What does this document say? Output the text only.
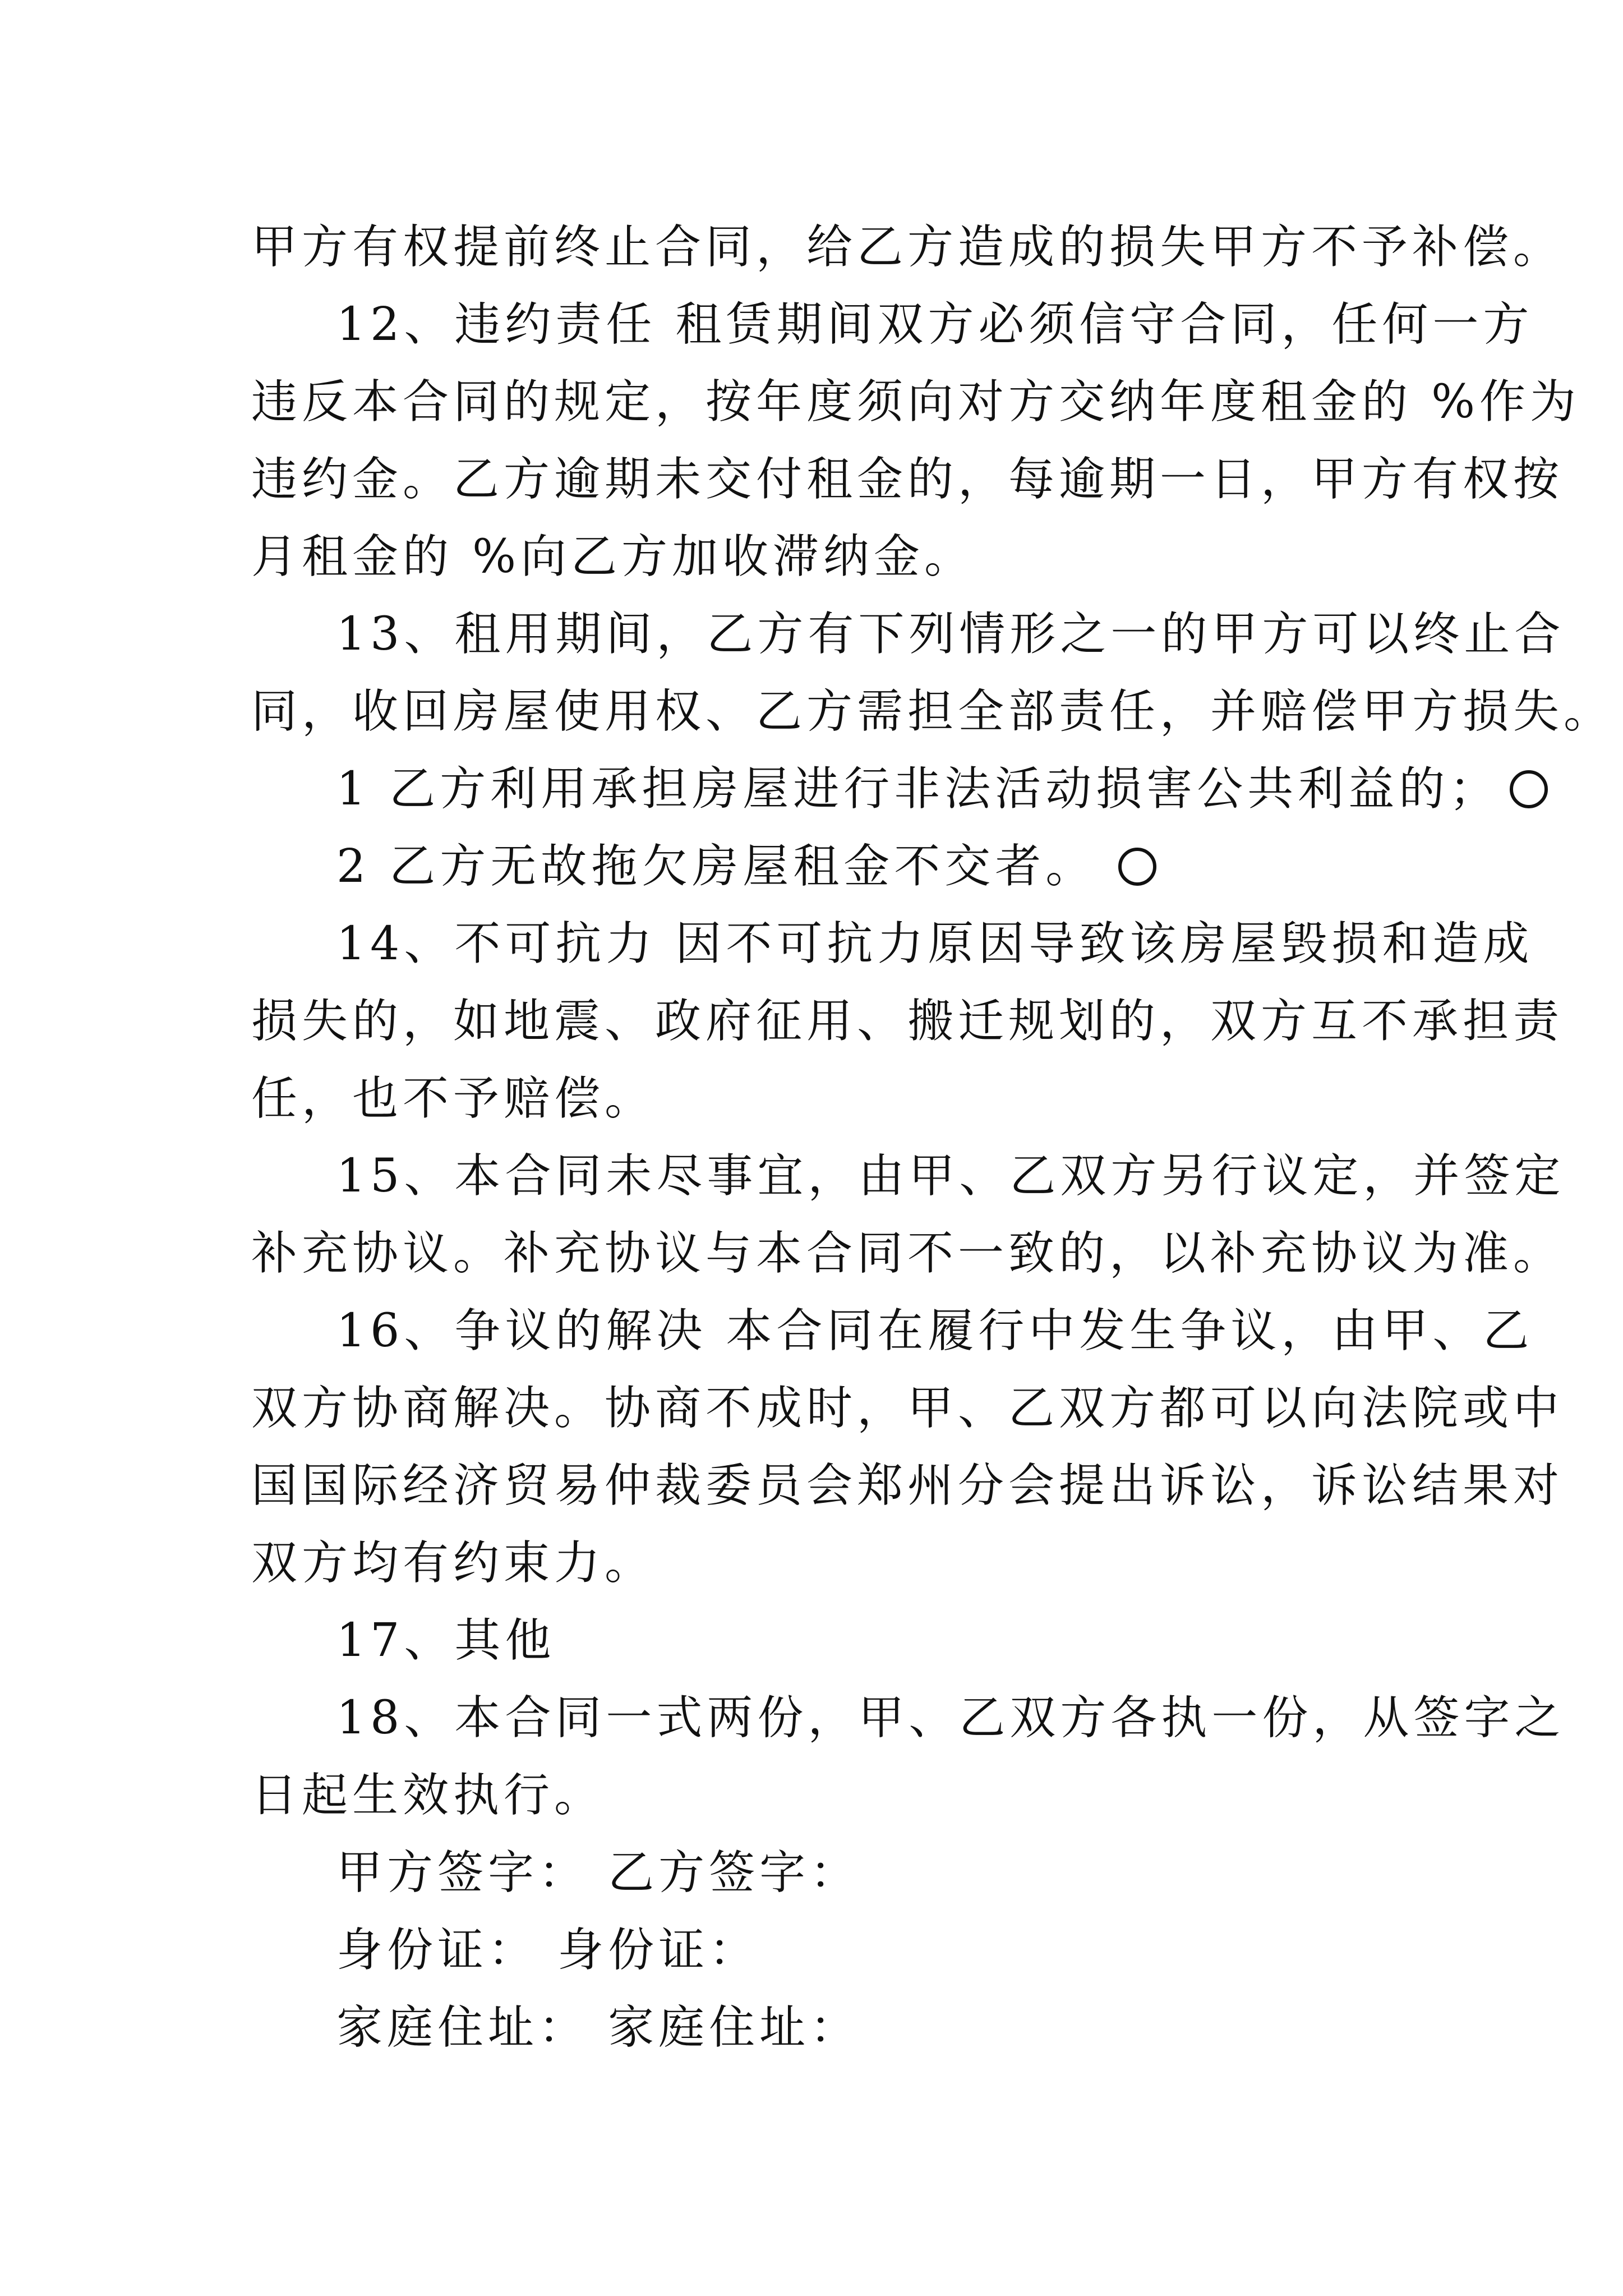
甲方有权提前终止合同，给乙方造成的损失甲方不予补偿。
12、违约责任 租赁期间双方必须信守合同，任何一方
违反本合同的规定，按年度须向对方交纳年度租金的 %作为
违约金。乙方逾期未交付租金的，每逾期一日，甲方有权按
月租金的 %向乙方加收滞纳金。
13、租用期间，乙方有下列情形之一的甲方可以终止合
同，收回房屋使用权、乙方需担全部责任，并赔偿甲方损失。
1 乙方利用承担房屋进行非法活动损害公共利益的；
2 乙方无故拖欠房屋租金不交者。
14、不可抗力 因不可抗力原因导致该房屋毁损和造成
损失的，如地震、政府征用、搬迁规划的，双方互不承担责
任，也不予赔偿。
15、本合同未尽事宜，由甲、乙双方另行议定，并签定
补充协议。补充协议与本合同不一致的，以补充协议为准。
16、争议的解决 本合同在履行中发生争议，由甲、乙
双方协商解决。协商不成时，甲、乙双方都可以向法院或中
国国际经济贸易仲裁委员会郑州分会提出诉讼，诉讼结果对
双方均有约束力。
17、其他
18、本合同一式两份，甲、乙双方各执一份，从签字之
日起生效执行。
甲方签字： 乙方签字：
身份证： 身份证：
家庭住址： 家庭住址：
